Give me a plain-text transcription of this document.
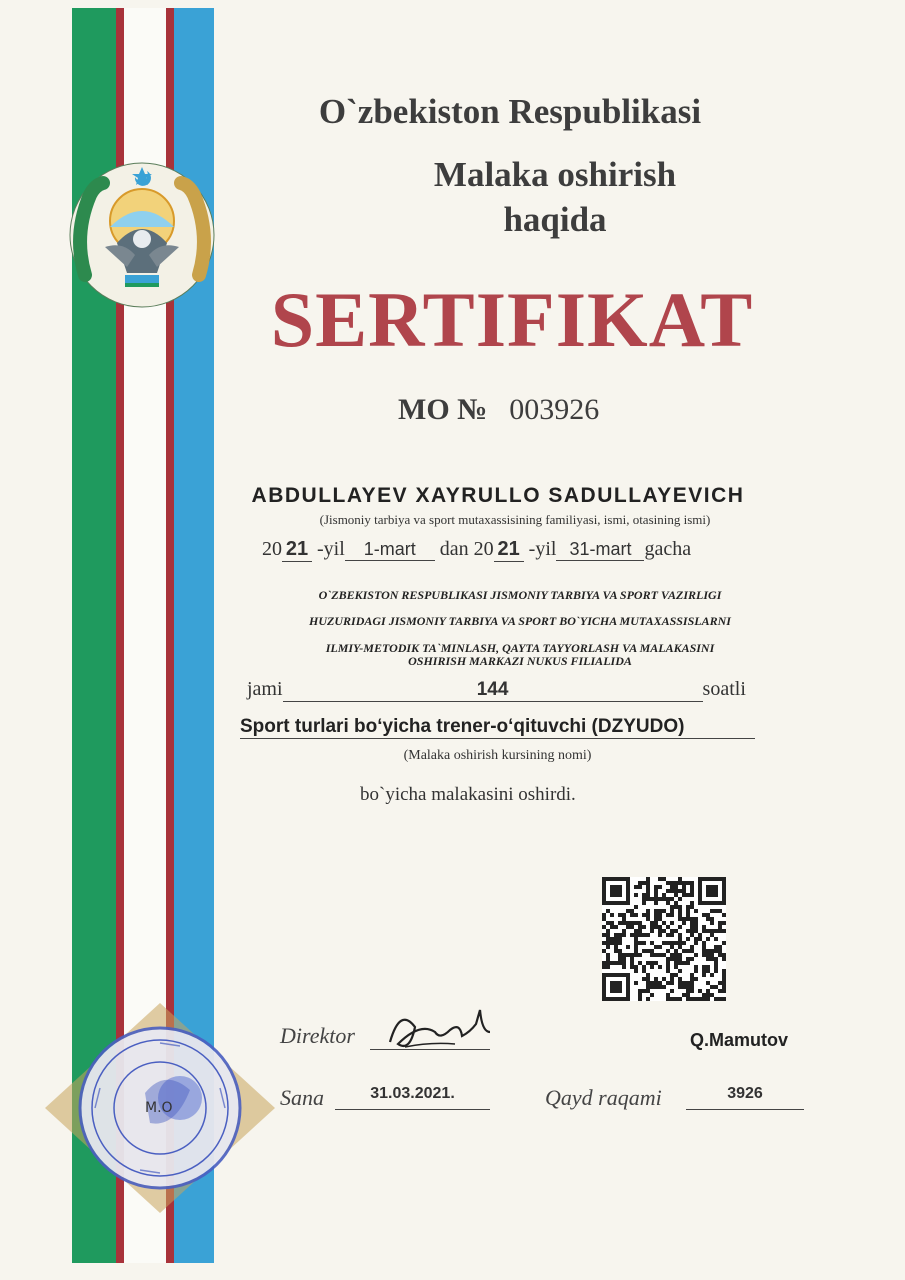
O`zbekiston Respublikasi
Malaka oshirish
haqida
SERTIFIKAT
MO № 003926
ABDULLAYEV XAYRULLO SADULLAYEVICH
(Jismoniy tarbiya va sport mutaxassisining familiyasi, ismi, otasining ismi)
20 21 -yil 1-mart dan 20 21 -yil 31-mart gacha
O`ZBEKISTON RESPUBLIKASI JISMONIY TARBIYA VA SPORT VAZIRLIGI
HUZURIDAGI JISMONIY TARBIYA VA SPORT BO`YICHA MUTAXASSISLARNI
ILMIY-METODIK TA`MINLASH, QAYTA TAYYORLASH VA MALAKASINI
OSHIRISH MARKAZI NUKUS FILIALIDA
jami	144	soatli
Sport turlari bo‘yicha trener-o‘qituvchi (DZYUDO)
(Malaka oshirish kursining nomi)
bo`yicha malakasini oshirdi.
M.O
Direktor	Q.Mamutov
Sana	31.03.2021.	Qayd raqami	3926
